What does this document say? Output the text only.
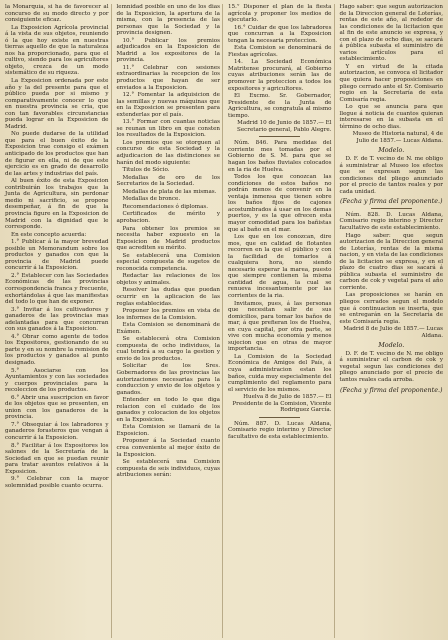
la Monarquía, si ha de favorecer al concurso de su modo directo y por consiguiente eficaz.

La Exposicion Agrícola provincial á la vista de sus objetos, reuniendo ó la que hoy existe en nuestras tierras aquello de que la naturaleza nos ha proporcionado, para que el cultivo, siendo para los agricultores objeto, crezca de un modo sistemático de su riqueza.

La Exposicion ordenada por este año y la del presente para que el público pueda por si mismo y comparativamente conocer lo que en nuestra provincia se cria, que con tan favorables circunstancias pueda lograr en la Exposicion de Madrid.

No puede dudarse de la utilidad que para el buen éxito de la Exposicion trae consigo el exámen anticipado de los productos que han de figurar en ella, ni de que este ejercicio es en grado de desarrollo de las artes y industrias del país.

Al buen éxito de esta Exposicion contribuirán los trabajos que la Junta de Agricultura, sin perdonar medio ni sacrificio, se propone desempeñar, á fin de que la provincia figure en la Exposicion de Madrid con la dignidad que le corresponde.

En este concepto acuerda:

1.° Publicar á la mayor brevedad posible un Memorandum sobre los productos y ganados con que la provincia de Madrid puede concurrir á la Exposicion.

2.° Establecer con las Sociedades Económicas de las provincias correspondencia franca y frecuente, exhortándolas á que las manifiestas del todo lo que han de exponer.

3.° Invitar á los cultivadores y ganaderos de las provincias mas adelantadas para que concurran con sus ganados á la Exposicion.

4.° Obrar como agente de todos los Expositores, gestionando de su parte y en su nombre la remision de los productos y ganados al punto designado.

5.° Asociarse con los Ayuntamientos y con las sociedades y cuerpos provinciales para la recoleccion de los productos.

6.° Abrir una suscripcion en favor de los objetos que se presenten, en union con los ganaderos de la provincia.

7.° Obsequiar á los labradores y ganaderos forasteros que vengan á concurrir á la Exposicion.

8.° Facilitar á los Expositores los salones de la Secretaría de la Sociedad en que se puedan reunir para tratar asuntos relativos á la Exposicion.

9.° Celebrar con la mayor solemnidad posible cuanto ocurra.

lemnidad posible en uno de los dias de la Exposicion, la apertura de la misma, con la presencia de las personas que la Sociedad y la provincia designen.

10.° Publicar los premios adjudicados en la Exposicion de Madrid a los expositores de la provincia.

11.° Celebrar con sesiones extraordinarias la recepcion de los productos que hayan de ser enviados a la Exposicion.

12.° Fomentar la adquisicion de las semillas y nuevas máquinas que en la Exposicion se presenten para extenderlas por el país.

13.° Formar con cuantas noticias se reunan un libro en que consten los resultados de la Exposicion.

Los premios que se otorguen al concurso de esta Sociedad y la adjudicacion de las distinciones se harán del modo siguiente:

Titulos de Sócio.

Medallas de oro de los Secretarios de la Sociedad.

Medallas de plata de las mismas.

Medallas de bronce.

Recomendaciones ó diplomas.

Certificados de mérito y aprobacion.

Para obtener los premios se necesita haber expuesto en la Exposicion de Madrid productos que acrediten su mérito.

Se establecerá una Comision especial compuesta de sugetos de reconocida competencia.

Redactar las relaciones de los objetos y animales.

Resolver las dudas que puedan ocurrir en la aplicacion de las reglas establecidas.

Proponer los premios en vista de los informes de la Comision.

Esta Comision se denominará de Exámen.

Se establecerá otra Comision compuesta de ocho individuos, la cual tendrá a su cargo la gestion y envio de los productos.

Solicitar de los Sres. Gobernadores de las provincias las autorizaciones necesarias para la conduccion y envio de los objetos y ganados.

Entender en todo lo que diga relacion con el cuidado de los ganados y colocacion de los objetos en la Exposicion.

Esta Comision se llamará de la Exposicion.

Proponer á la Sociedad cuanto crea conveniente al mejor éxito de la Exposicion.

Se establecerá una Comision compuesta de seis individuos, cuyas atribuciones serán:

15.° Disponer el plan de la fiesta agrícola y proponer los medios de ejecutarlo.

16.° Cuidar de que los labradores que concurran a la Exposicion tengan la necesaria proteccion.

Esta Comision se denominará de Fiestas agrícolas.

14. La Sociedad Económica Matritense procurará, al Gobierno cuyas atribuciones serán las de promover la proteccion a todos los expositores y agricultores.

El Excmo. Sr. Gobernador, Presidente de la Junta de Agricultura, se congratula al mismo tiempo.

Madrid 10 de Junio de 1857.— El Secretario general, Pablo Alegre.

Núm. 846. Para medidas del corriente mes tomadas por el Gobierno de S. M. para que se hagan los baños fluviales colocados en la ria de Huelva.

Todos los que conozcan las condiciones de estos baños no podrán menos de convenir en la ventaja inmensa que tienen sobre los baños fijos de cajones acostumbrados á usar en los demas puertos, y es la que ofrecen esta mayor comodidad para los bañistas que al baño en el mar.

Los que en los conozcan, dire mos, que en calidad de flotantes recorren en la que el público y con la facilidad de tomarlos á cualquiera hora, no siendo necesario esperar la marea, puesto que siempre contienen la misma cantidad de agua, la cual se renueva incesantemente por las corrientes de la ria.

Invitamos, pues, á las personas que necesitan salir de sus domicilios, para tomar los baños de mar, á que prefieran los de Huelva, en cuya capital, por otra parte, se vive con mucha economía y menos sujecion que en otras de mayor importancia.

La Comision de la Sociedad Económica de Amigos del País, á cuya administracion estan los baños, cuida muy especialmente del cumplimiento del reglamento para el servicio de los mismos.

Huelva 8 de Julio de 1857.— El Presidente de la Comision, Vicente Rodriguez García.

Núm. 887. D. Lucas Aldana, Comisario regio interino y Director facultativo de esta establecimiento.

Hago saber: que segun autorizacion de la Direccion general de Loterías, rentas de este año, al rededor de las condiciones de la licitacion que al fin de este anuncio se expresa, y con el plazo de ocho dias, se sacará á pública subasta el suministro de varios artículos para el establecimiento.

Y en virtud de la citada autorizacion, se convoca el licitador que quiera hacer proposiciones en pliego cerrado ante el Sr. Comisario regio en la Secretaría de esta Comisaría regia.

Lo que se anuncia para que llegue á noticia de cuantos quieran interesarse en la subasta en el término de ocho dias.

Museo de Historia natural, 4 de Julio de 1857.— Lucas Aldana.

Modelo.

D. F. de T. vecino de N. me obligo á suministrar al Museo los efectos que se expresan segun las condiciones del pliego anunciado por el precio de tantos reales y por cada unidad.

(Fecha y firma del proponente.)

Núm. 828. D. Lucas Aldana, Comisario regio interino y Director facultativo de este establecimiento.

Hago saber: que segun autorizacion de la Direccion general de Loterías, rentas de la misma nacion, y en vista de las condiciones de la licitacion se expresa, y en el plazo de cuatro dias se sacará á pública subasta el suministro de carbon de cok y vegetal para el año corriente.

Las proposiciones se harán en pliegos cerrados segun el modelo que á continuacion se inserta, que se entregarán en la Secretaría de este Comisaría regia.

Madrid 8 de Julio de 1857.— Lucas Aldana.

Modelo.

D. F. de T. vecino de N. me obligo á suministrar el carbon de cok y vegetal segun las condiciones del pliego anunciado por el precio de tantos reales cada arroba.

(Fecha y firma del proponente.)
